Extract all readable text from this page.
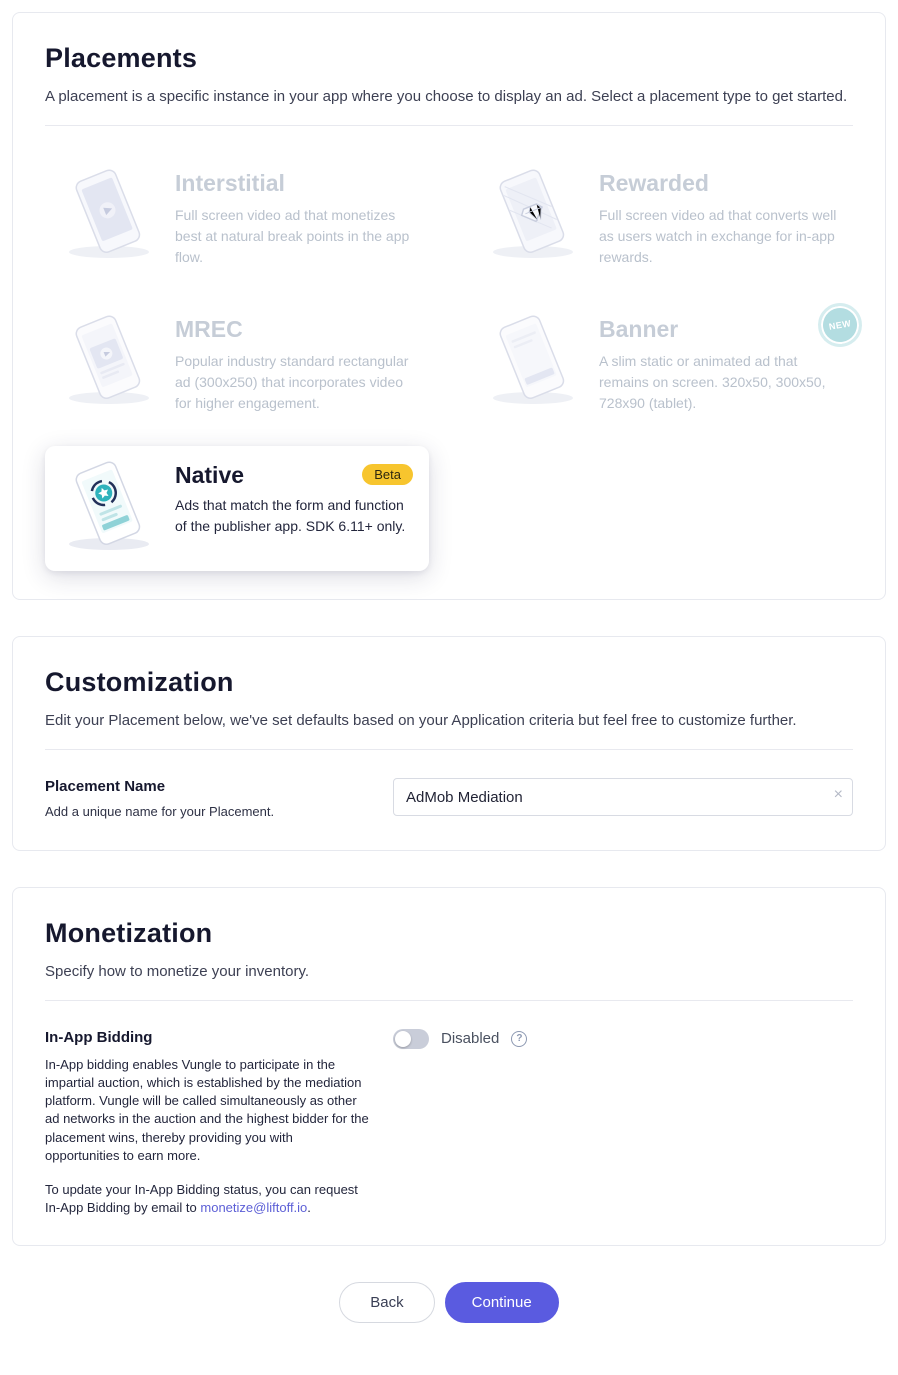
Placements

A placement is a specific instance in your app where you choose to display an ad. Select a placement type to get started.

Interstitial

Full screen video ad that monetizes best at natural break points in the app flow.

Rewarded

Full screen video ad that converts well as users watch in exchange for in-app rewards.

MREC

Popular industry standard rectangular ad (300x250) that incorporates video for higher engagement.

Banner

A slim static or animated ad that remains on screen. 320x50, 300x50, 728x90 (tablet).

NEW
Native	Beta

Ads that match the form and function of the publisher app. SDK 6.11+ only.

Customization

Edit your Placement below, we've set defaults based on your Application criteria but feel free to customize further.

Placement Name

Add a unique name for your Placement.

AdMob Mediation
×
Monetization

Specify how to monetize your inventory.

In-App Bidding

In-App bidding enables Vungle to participate in the impartial auction, which is established by the mediation platform. Vungle will be called simultaneously as other ad networks in the auction and the highest bidder for the placement wins, thereby providing you with opportunities to earn more.

To update your In-App Bidding status, you can request In-App Bidding by email to monetize@liftoff.io.

Disabled	?
Back	Continue
